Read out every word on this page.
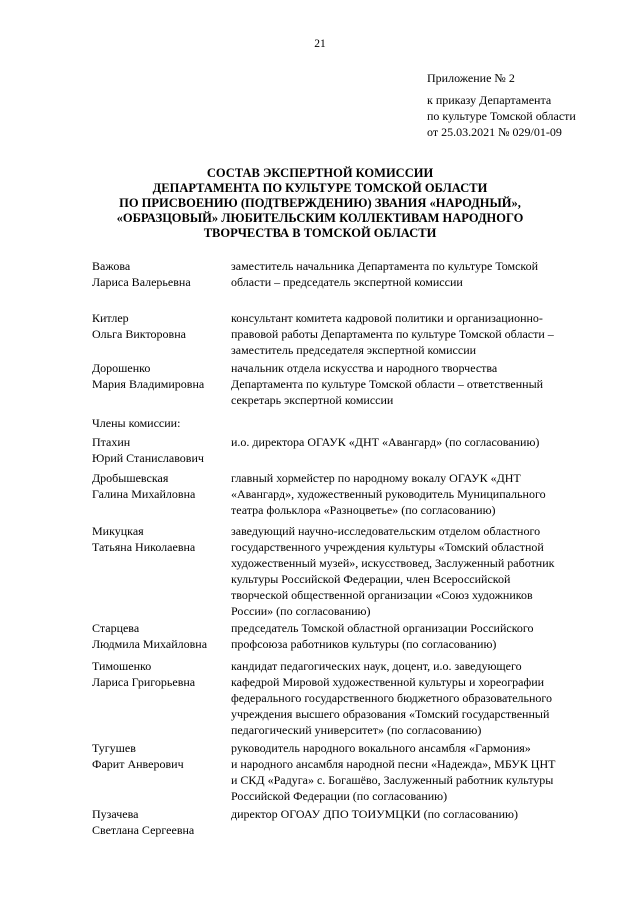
21
Приложение № 2
к приказу Департамента
по культуре Томской области
от 25.03.2021 № 029/01-09
СОСТАВ ЭКСПЕРТНОЙ КОМИССИИ
ДЕПАРТАМЕНТА ПО КУЛЬТУРЕ ТОМСКОЙ ОБЛАСТИ
ПО ПРИСВОЕНИЮ (ПОДТВЕРЖДЕНИЮ) ЗВАНИЯ «НАРОДНЫЙ»,
«ОБРАЗЦОВЫЙ» ЛЮБИТЕЛЬСКИМ КОЛЛЕКТИВАМ НАРОДНОГО
ТВОРЧЕСТВА В ТОМСКОЙ ОБЛАСТИ
Важова
Лариса Валерьевна
заместитель начальника Департамента по культуре Томской
области – председатель экспертной комиссии
Китлер
Ольга Викторовна
консультант комитета кадровой политики и организационно-
правовой работы Департамента по культуре Томской области –
заместитель председателя экспертной комиссии
Дорошенко
Мария Владимировна
начальник отдела искусства и народного творчества
Департамента по культуре Томской области – ответственный
секретарь экспертной комиссии
Члены комиссии:
Птахин
Юрий Станиславович
и.о. директора ОГАУК «ДНТ «Авангард» (по согласованию)
Дробышевская
Галина Михайловна
главный хормейстер по народному вокалу ОГАУК «ДНТ
«Авангард», художественный руководитель Муниципального
театра фольклора «Разноцветье» (по согласованию)
Микуцкая
Татьяна Николаевна
заведующий научно-исследовательским отделом областного
государственного учреждения культуры «Томский областной
художественный музей», искусствовед, Заслуженный работник
культуры Российской Федерации, член Всероссийской
творческой общественной организации «Союз художников
России» (по согласованию)
Старцева
Людмила Михайловна
председатель Томской областной организации Российского
профсоюза работников культуры (по согласованию)
Тимошенко
Лариса Григорьевна
кандидат педагогических наук, доцент, и.о. заведующего
кафедрой Мировой художественной культуры и хореографии
федерального государственного бюджетного образовательного
учреждения высшего образования «Томский государственный
педагогический университет» (по согласованию)
Тугушев
Фарит Анверович
руководитель народного вокального ансамбля «Гармония»
и народного ансамбля народной песни «Надежда», МБУК ЦНТ
и СКД «Радуга» с. Богашёво, Заслуженный работник культуры
Российской Федерации (по согласованию)
Пузачева
Светлана Сергеевна
директор ОГОАУ ДПО ТОИУМЦКИ (по согласованию)
